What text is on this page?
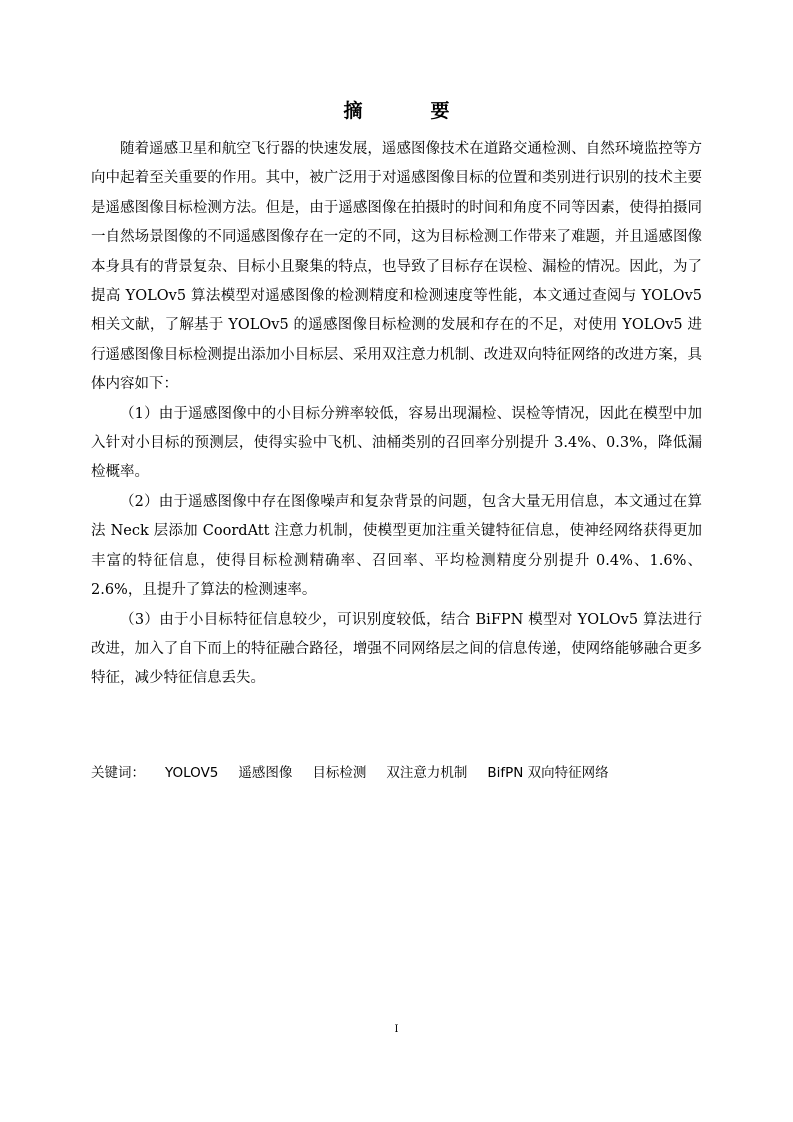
摘	要

随着遥感卫星和航空飞行器的快速发展，遥感图像技术在道路交通检测、自然环境监控等方向中起着至关重要的作用。其中，被广泛用于对遥感图像目标的位置和类别进行识别的技术主要是遥感图像目标检测方法。但是，由于遥感图像在拍摄时的时间和角度不同等因素，使得拍摄同一自然场景图像的不同遥感图像存在一定的不同，这为目标检测工作带来了难题，并且遥感图像本身具有的背景复杂、目标小且聚集的特点，也导致了目标存在误检、漏检的情况。因此，为了提高 YOLOv5 算法模型对遥感图像的检测精度和检测速度等性能，本文通过查阅与 YOLOv5 相关文献，了解基于 YOLOv5 的遥感图像目标检测的发展和存在的不足，对使用 YOLOv5 进行遥感图像目标检测提出添加小目标层、采用双注意力机制、改进双向特征网络的改进方案，具体内容如下：

（1）由于遥感图像中的小目标分辨率较低，容易出现漏检、误检等情况，因此在模型中加入针对小目标的预测层，使得实验中飞机、油桶类别的召回率分别提升 3.4%、0.3%，降低漏检概率。

（2）由于遥感图像中存在图像噪声和复杂背景的问题，包含大量无用信息，本文通过在算法 Neck 层添加 CoordAtt 注意力机制，使模型更加注重关键特征信息，使神经网络获得更加丰富的特征信息，使得目标检测精确率、召回率、平均检测精度分别提升 0.4%、1.6%、2.6%，且提升了算法的检测速率。

（3）由于小目标特征信息较少，可识别度较低，结合 BiFPN 模型对 YOLOv5 算法进行改进，加入了自下而上的特征融合路径，增强不同网络层之间的信息传递，使网络能够融合更多特征，减少特征信息丢失。

关键词： YOLOV5 遥感图像 目标检测 双注意力机制 BifPN 双向特征网络
I
